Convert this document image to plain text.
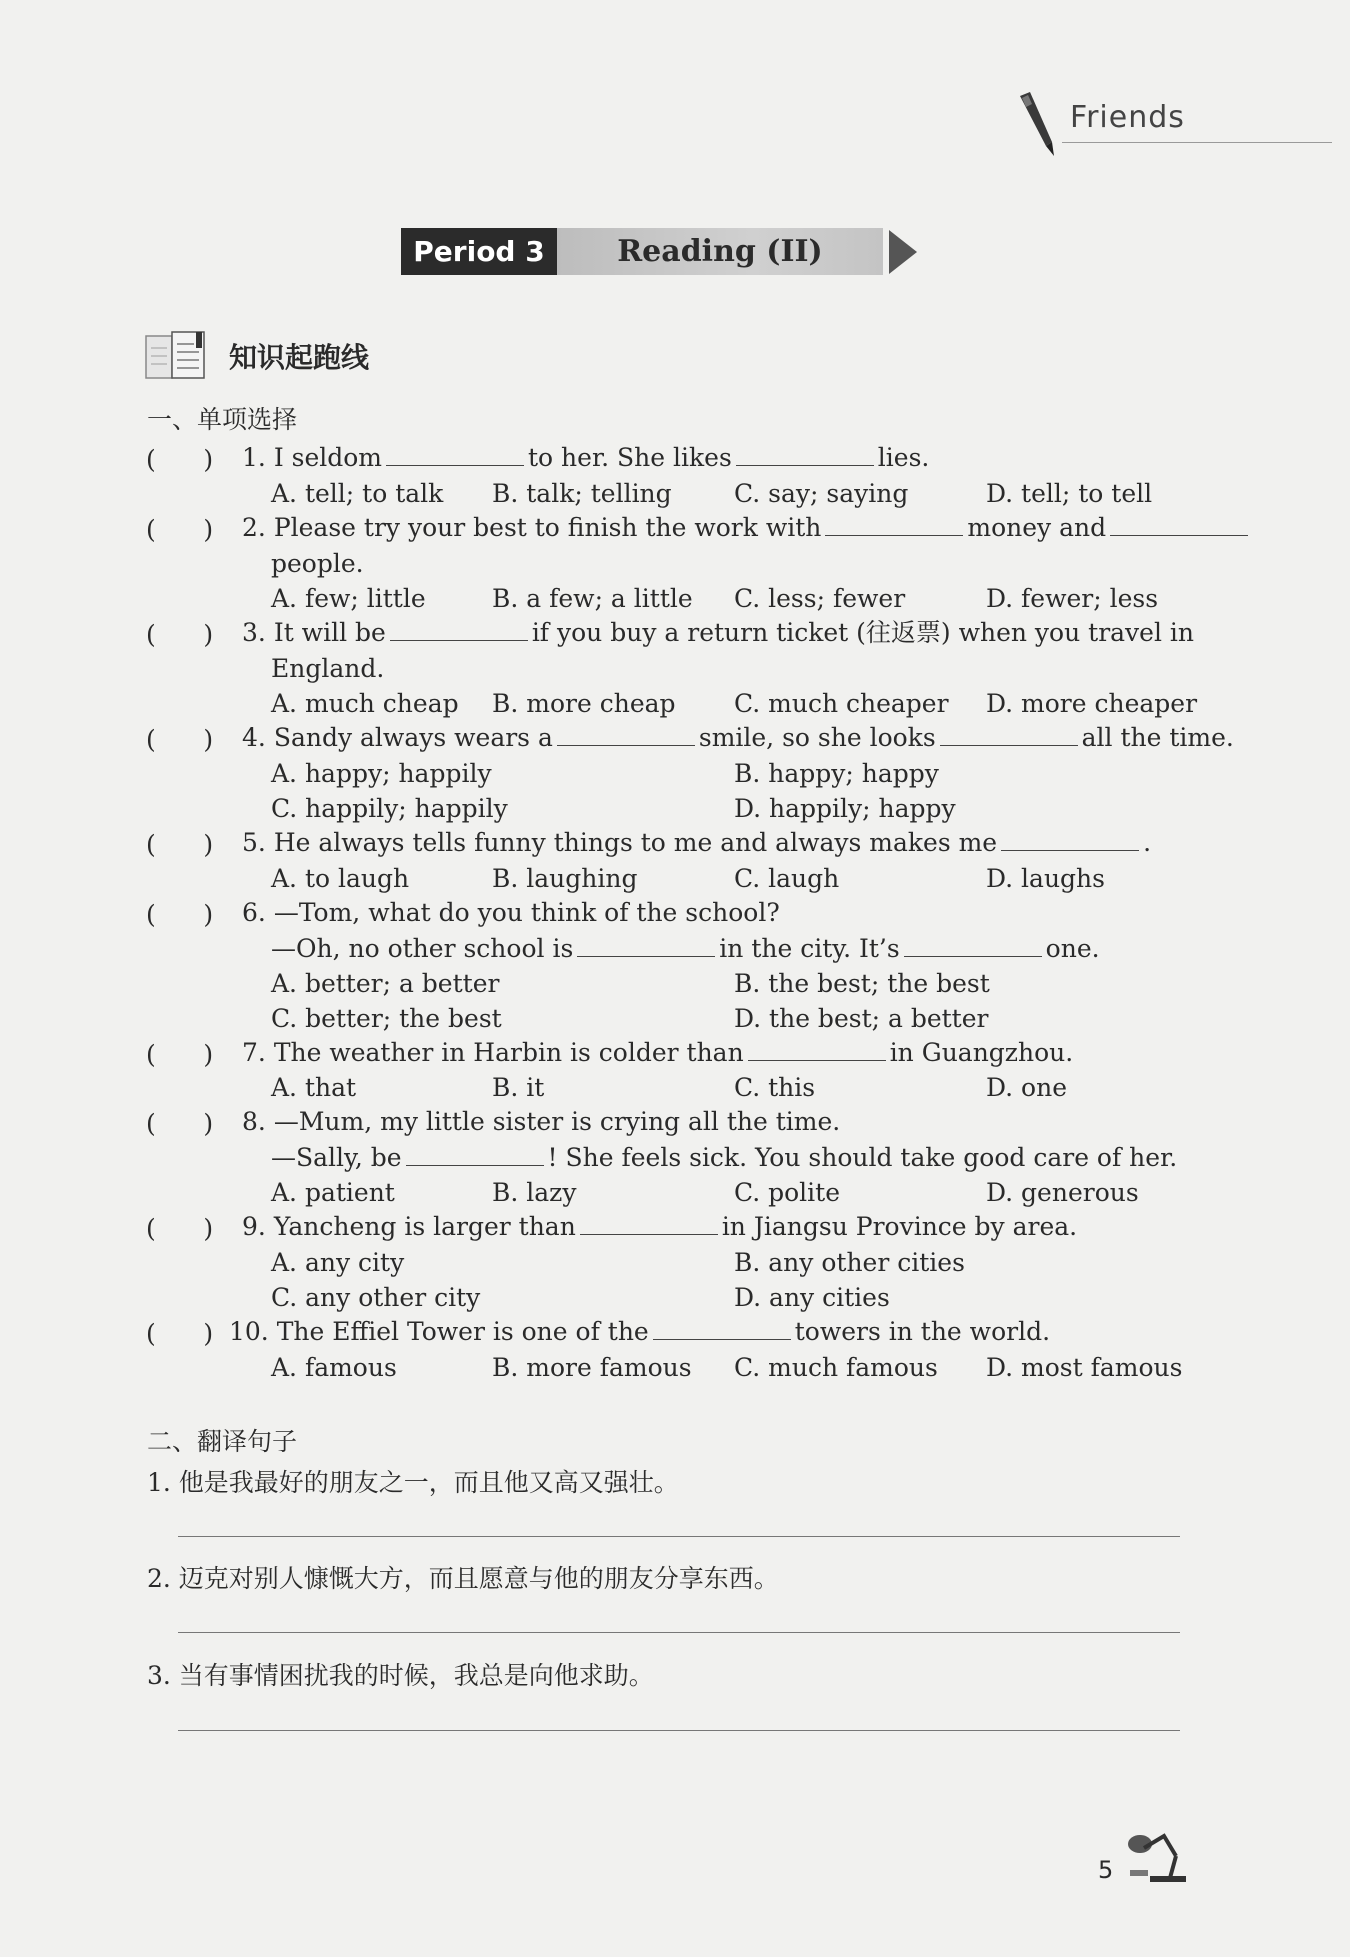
Friends
Period 3	Reading (II)
知识起跑线
一、单项选择
(      ) 1. I seldom	to her. She likes	lies.
A. tell; to talk B. talk; telling C. say; saying	D. tell; to tell
(      ) 2. Please try your best to finish the work with	money and
people.
A. few; little	B. a few; a little C. less; fewer	D. fewer; less
(      ) 3. It will be	if you buy a return ticket (往返票) when you travel in
England.
A. much cheap B. more cheap C. much cheaper D. more cheaper
(      ) 4. Sandy always wears a	smile, so she looks	all the time.
A. happy; happily	B. happy; happy
C. happily; happily	D. happily; happy
(      ) 5. He always tells funny things to me and always makes me	.
A. to laugh	B. laughing	C. laugh	D. laughs
(      ) 6. —Tom, what do you think of the school?
—Oh, no other school is	in the city. It’s	one.
A. better; a better	B. the best; the best
C. better; the best	D. the best; a better
(      ) 7. The weather in Harbin is colder than	in Guangzhou.
A. that	B. it	C. this	D. one
(      ) 8. —Mum, my little sister is crying all the time.
—Sally, be	! She feels sick. You should take good care of her.
A. patient	B. lazy	C. polite	D. generous
(      ) 9. Yancheng is larger than	in Jiangsu Province by area.
A. any city	B. any other cities
C. any other city	D. any cities
(      ) 10. The Effiel Tower is one of the	towers in the world.
A. famous	B. more famous C. much famous D. most famous
二、翻译句子
1. 他是我最好的朋友之一，而且他又高又强壮。
2. 迈克对别人慷慨大方，而且愿意与他的朋友分享东西。
3. 当有事情困扰我的时候，我总是向他求助。
5
